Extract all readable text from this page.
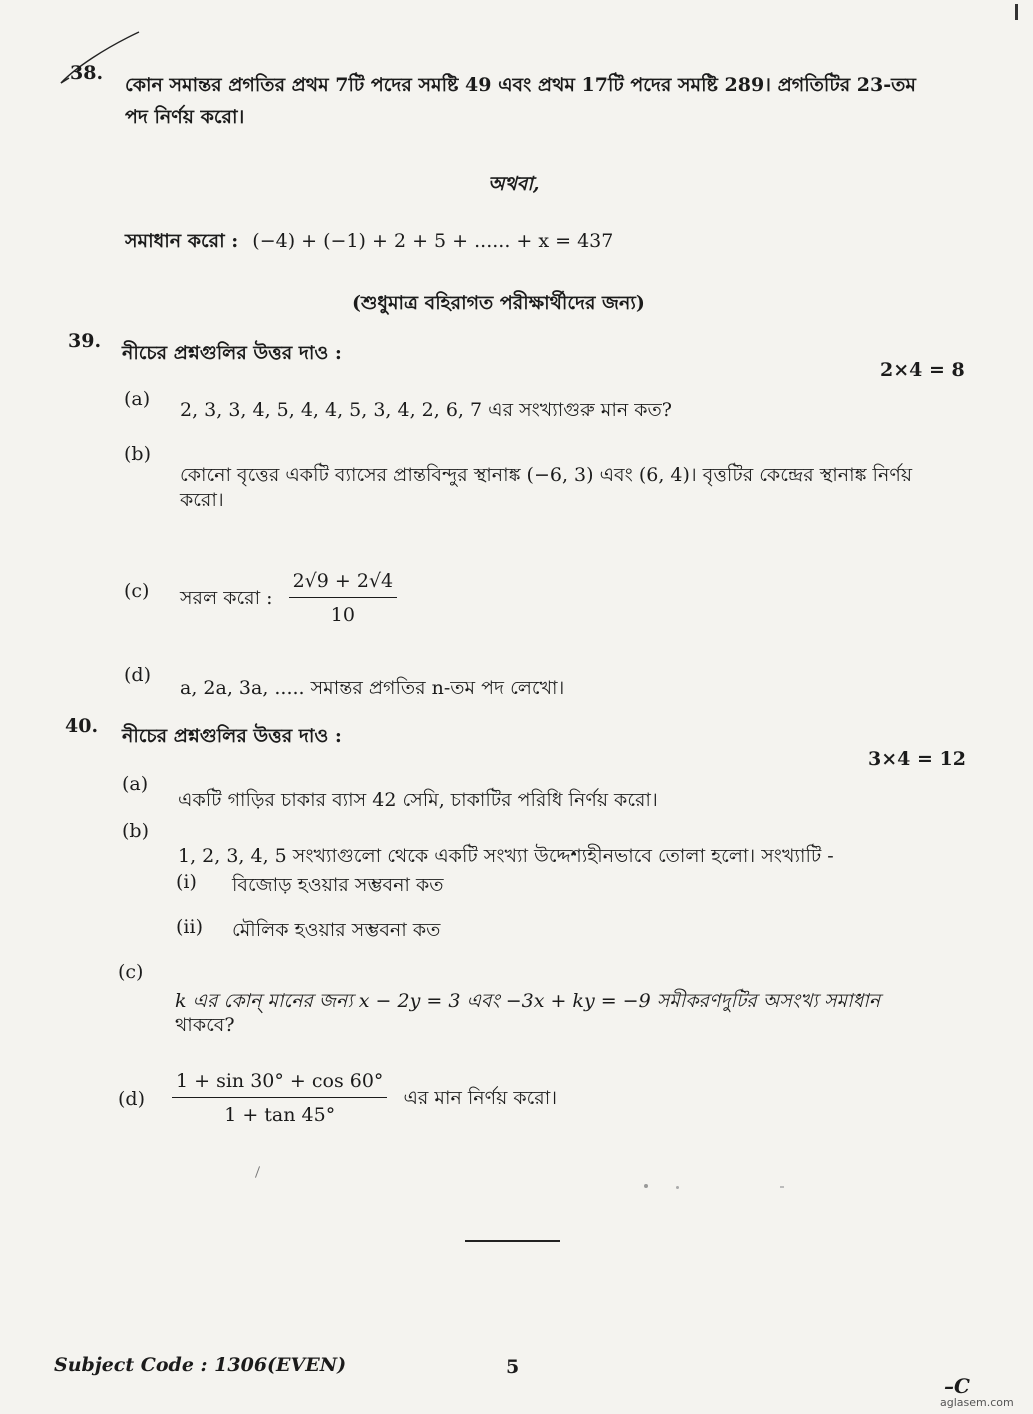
38.
কোন সমান্তর প্রগতির প্রথম 7টি পদের সমষ্টি 49 এবং প্রথম 17টি পদের সমষ্টি 289। প্রগতিটির 23-তম
পদ নির্ণয় করো।
অথবা,
সমাধান করো : (−4) + (−1) + 2 + 5 + ...... + x = 437
(শুধুমাত্র বহিরাগত পরীক্ষার্থীদের জন্য)
39.
নীচের প্রশ্নগুলির উত্তর দাও :
2×4 = 8
(a) 2, 3, 3, 4, 5, 4, 4, 5, 3, 4, 2, 6, 7 এর সংখ্যাগুরু মান কত?
(b)
কোনো বৃত্তের একটি ব্যাসের প্রান্তবিন্দুর স্থানাঙ্ক (−6, 3) এবং (6, 4)। বৃত্তটির কেন্দ্রের স্থানাঙ্ক নির্ণয়
করো।
(c) সরল করো : $\frac{2√9 + 2√4}{10}$
(d)
a, 2a, 3a, ..... সমান্তর প্রগতির n-তম পদ লেখো।
40. নীচের প্রশ্নগুলির উত্তর দাও :
3×4 = 12
(a)
একটি গাড়ির চাকার ব্যাস 42 সেমি, চাকাটির পরিধি নির্ণয় করো।
(b)
1, 2, 3, 4, 5 সংখ্যাগুলো থেকে একটি সংখ্যা উদ্দেশ্যহীনভাবে তোলা হলো। সংখ্যাটি -
(i) বিজোড় হওয়ার সম্ভবনা কত
(ii) মৌলিক হওয়ার সম্ভবনা কত
(c)
k এর কোন্ মানের জন্য x − 2y = 3 এবং −3x + ky = −9 সমীকরণদুটির অসংখ্য সমাধান
থাকবে?
$(d) \frac{1 + \sin 30^\circ + \cos 60^\circ}{1 + \tan 45^\circ}$ এর মান নির্ণয় করো।
Subject Code : 1306(EVEN)	5
–C
aglasem.com
